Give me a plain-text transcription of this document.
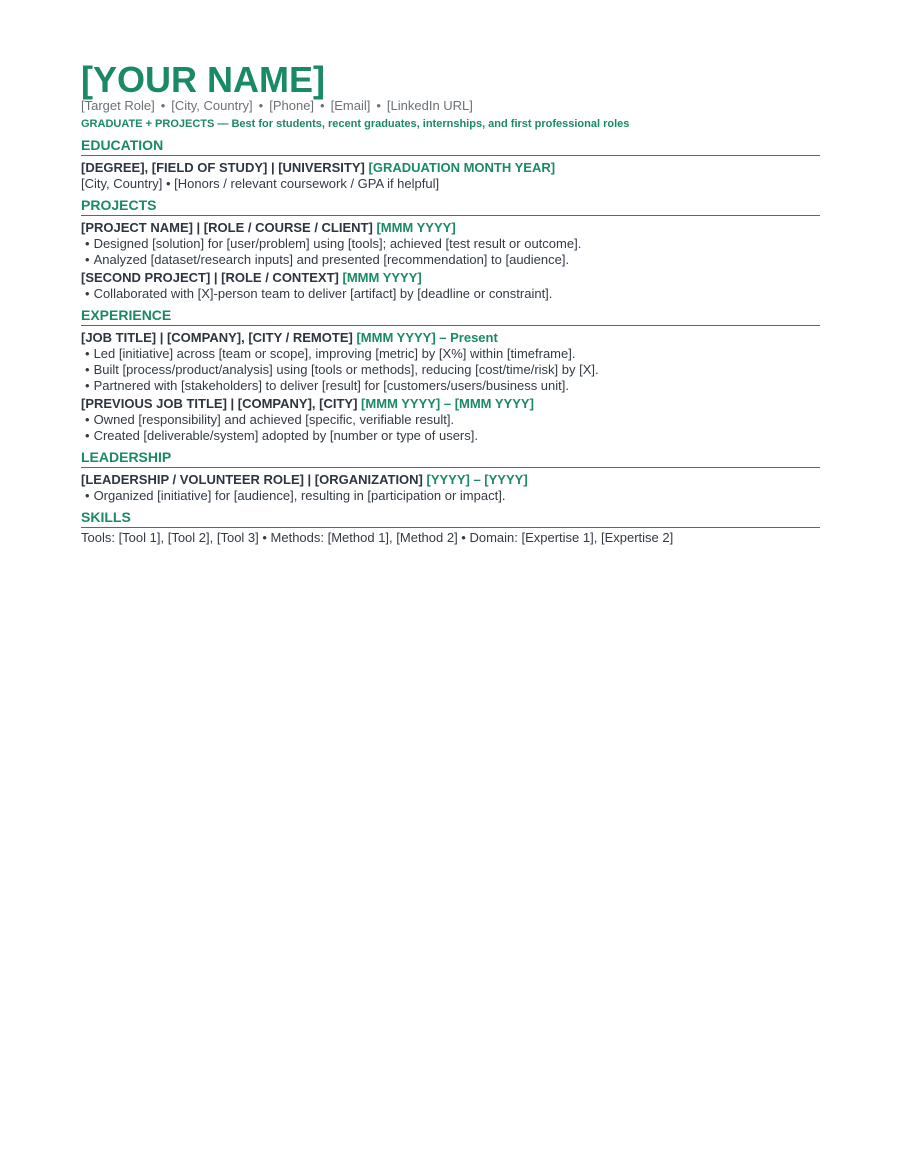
[YOUR NAME]
[Target Role] • [City, Country] • [Phone] • [Email] • [LinkedIn URL]
GRADUATE + PROJECTS — Best for students, recent graduates, internships, and first professional roles
EDUCATION
[DEGREE], [FIELD OF STUDY] | [UNIVERSITY] [GRADUATION MONTH YEAR]
[City, Country] • [Honors / relevant coursework / GPA if helpful]
PROJECTS
[PROJECT NAME] | [ROLE / COURSE / CLIENT] [MMM YYYY]
• Designed [solution] for [user/problem] using [tools]; achieved [test result or outcome].
• Analyzed [dataset/research inputs] and presented [recommendation] to [audience].
[SECOND PROJECT] | [ROLE / CONTEXT] [MMM YYYY]
• Collaborated with [X]-person team to deliver [artifact] by [deadline or constraint].
EXPERIENCE
[JOB TITLE] | [COMPANY], [CITY / REMOTE] [MMM YYYY] – Present
• Led [initiative] across [team or scope], improving [metric] by [X%] within [timeframe].
• Built [process/product/analysis] using [tools or methods], reducing [cost/time/risk] by [X].
• Partnered with [stakeholders] to deliver [result] for [customers/users/business unit].
[PREVIOUS JOB TITLE] | [COMPANY], [CITY] [MMM YYYY] – [MMM YYYY]
• Owned [responsibility] and achieved [specific, verifiable result].
• Created [deliverable/system] adopted by [number or type of users].
LEADERSHIP
[LEADERSHIP / VOLUNTEER ROLE] | [ORGANIZATION] [YYYY] – [YYYY]
• Organized [initiative] for [audience], resulting in [participation or impact].
SKILLS
Tools: [Tool 1], [Tool 2], [Tool 3] • Methods: [Method 1], [Method 2] • Domain: [Expertise 1], [Expertise 2]
